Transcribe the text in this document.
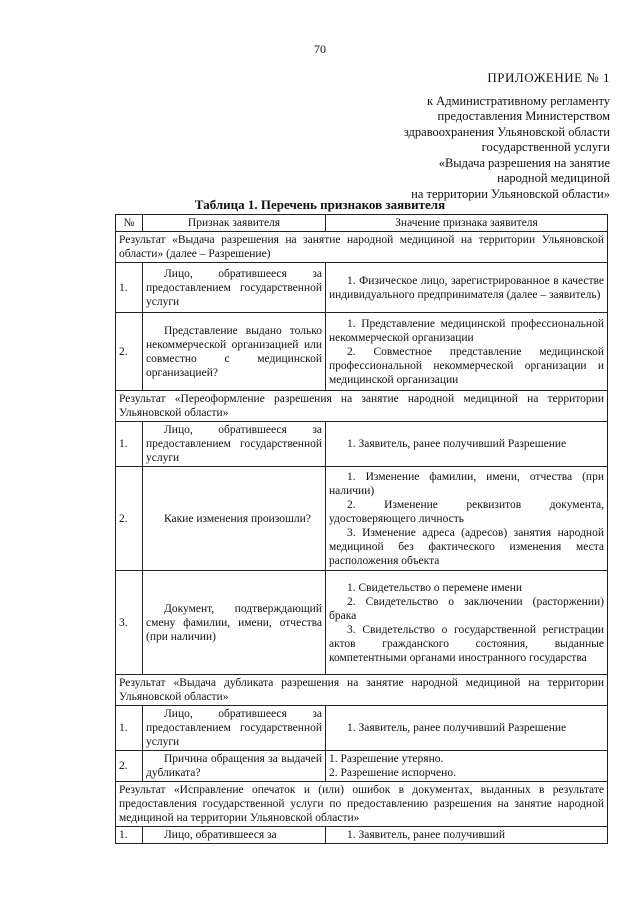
70
ПРИЛОЖЕНИЕ № 1
к Административному регламенту
предоставления Министерством
здравоохранения Ульяновской области
государственной услуги
«Выдача разрешения на занятие
народной медициной
на территории Ульяновской области»
Таблица 1. Перечень признаков заявителя
№	Признак заявителя	Значение признака заявителя
Результат «Выдача разрешения на занятие народной медициной на территории Ульяновской области» (далее – Разрешение)		
1.	Лицо, обратившееся за предоставлением государственной услуги	1. Физическое лицо, зарегистрированное в качестве индивидуального предпринимателя (далее – заявитель)

2.	Представление выдано только некоммерческой организацией или совместно с медицинской организацией?	1. Представление медицинской профессиональной некоммерческой организации
2. Совместное представление медицинской профессиональной некоммерческой организации и медицинской организации

Результат «Переоформление разрешения на занятие народной медициной на территории Ульяновской области»		
1.	Лицо, обратившееся за предоставлением государственной услуги	1. Заявитель, ранее получивший Разрешение

2.	Какие изменения произошли?	1. Изменение фамилии, имени, отчества (при наличии)
2. Изменение реквизитов документа, удостоверяющего личность
3. Изменение адреса (адресов) занятия народной медициной без фактического изменения места расположения объекта

3.	Документ, подтверждающий смену фамилии, имени, отчества (при наличии)	1. Свидетельство о перемене имени
2. Свидетельство о заключении (расторжении) брака
3. Свидетельство о государственной регистрации актов гражданского состояния, выданные компетентными органами иностранного государства

Результат «Выдача дубликата разрешения на занятие народной медициной на территории Ульяновской области»		
1.	Лицо, обратившееся за предоставлением государственной услуги	1. Заявитель, ранее получивший Разрешение

2.	Причина обращения за выдачей дубликата?	1. Разрешение утеряно.
2. Разрешение испорчено.

Результат «Исправление опечаток и (или) ошибок в документах, выданных в результате предоставления государственной услуги по предоставлению разрешения на занятие народной медициной на территории Ульяновской области»		
1.	Лицо, обратившееся за	1. Заявитель, ранее получивший
